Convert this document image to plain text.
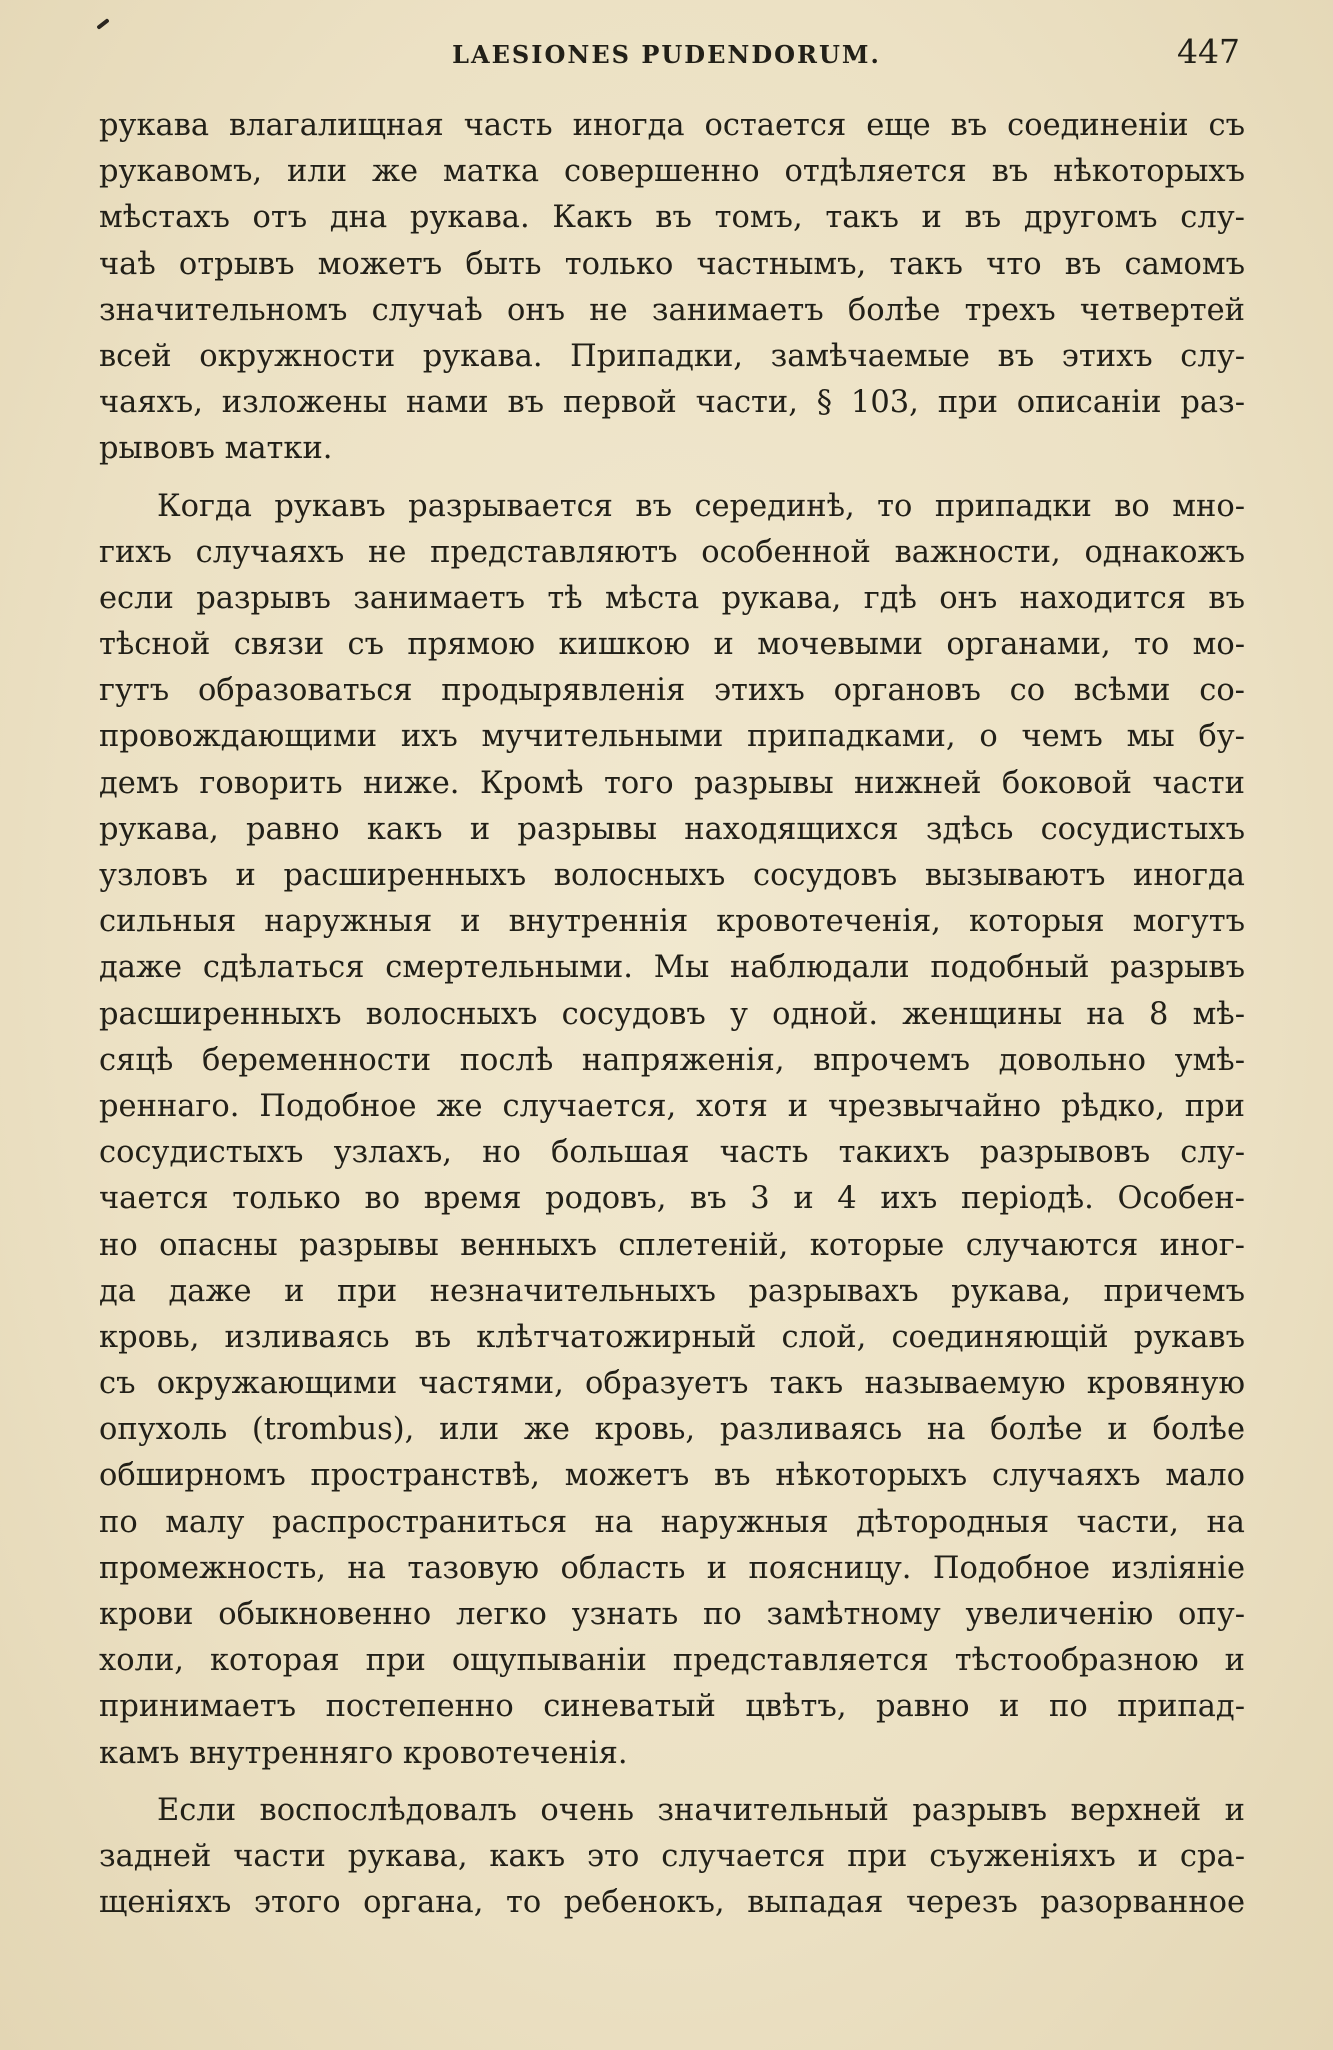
LAESIONES PUDENDORUM.	447
рукава влагалищная часть иногда остается еще въ соединенiи съ
рукавомъ, или же матка совершенно отдѣляется въ нѣкоторыхъ
мѣстахъ отъ дна рукава. Какъ въ томъ, такъ и въ другомъ слу-
чаѣ отрывъ можетъ быть только частнымъ, такъ что въ самомъ
значительномъ случаѣ онъ не занимаетъ болѣе трехъ четвертей
всей окружности рукава. Припадки, замѣчаемые въ этихъ слу-
чаяхъ, изложены нами въ первой части, § 103, при описанiи раз-
рывовъ матки.
Когда рукавъ разрывается въ серединѣ, то припадки во мно-
гихъ случаяхъ не представляютъ особенной важности, однакожъ
если разрывъ занимаетъ тѣ мѣста рукава, гдѣ онъ находится въ
тѣсной связи съ прямою кишкою и мочевыми органами, то мо-
гутъ образоваться продырявленiя этихъ органовъ со всѣми со-
провождающими ихъ мучительными припадками, о чемъ мы бу-
демъ говорить ниже. Кромѣ того разрывы нижней боковой части
рукава, равно какъ и разрывы находящихся здѣсь сосудистыхъ
узловъ и расширенныхъ волосныхъ сосудовъ вызываютъ иногда
сильныя наружныя и внутреннiя кровотеченiя, которыя могутъ
даже сдѣлаться смертельными. Мы наблюдали подобный разрывъ
расширенныхъ волосныхъ сосудовъ у одной. женщины на 8 мѣ-
сяцѣ беременности послѣ напряженiя, впрочемъ довольно умѣ-
реннаго. Подобное же случается, хотя и чрезвычайно рѣдко, при
сосудистыхъ узлахъ, но большая часть такихъ разрывовъ слу-
чается только во время родовъ, въ 3 и 4 ихъ перiодѣ. Особен-
но опасны разрывы венныхъ сплетенiй, которые случаются иног-
да даже и при незначительныхъ разрывахъ рукава, причемъ
кровь, изливаясь въ клѣтчатожирный слой, соединяющiй рукавъ
съ окружающими частями, образуетъ такъ называемую кровяную
опухоль (trombus), или же кровь, разливаясь на болѣе и болѣе
обширномъ пространствѣ, можетъ въ нѣкоторыхъ случаяхъ мало
по малу распространиться на наружныя дѣтородныя части, на
промежность, на тазовую область и поясницу. Подобное излiянiе
крови обыкновенно легко узнать по замѣтному увеличенiю опу-
холи, которая при ощупыванiи представляется тѣстообразною и
принимаетъ постепенно синеватый цвѣтъ, равно и по припад-
камъ внутренняго кровотеченiя.
Если воспослѣдовалъ очень значительный разрывъ верхней и
задней части рукава, какъ это случается при съуженiяхъ и сра-
щенiяхъ этого органа, то ребенокъ, выпадая черезъ разорванное
